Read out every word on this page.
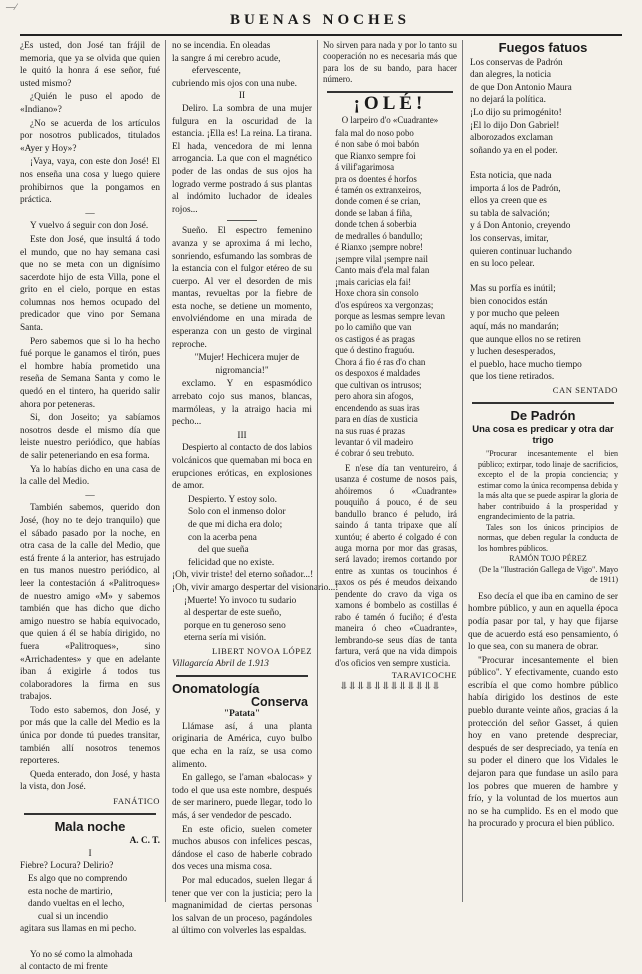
—⁄
BUENAS NOCHES

¿Es usted, don José tan frájil de memoria, que ya se olvida que quien le quitó la honra á ese señor, fué usted mismo?

¿Quién le puso el apodo de «Indiano»?

¿No se acuerda de los artículos por nosotros publicados, titulados «Ayer y Hoy»?

¡Vaya, vaya, con este don José! El nos enseña una cosa y luego quiere prohibirnos que la pongamos en práctica.

—

Y vuelvo á seguir con don José.

Este don José, que insultá á todo el mundo, que no hay semana casi que no se meta con un dignísimo sacerdote hijo de esta Villa, pone el grito en el cielo, porque en estas columnas nos hemos ocupado del predicador que vino por Semana Santa.

Pero sabemos que si lo ha hecho fué porque le ganamos el tirón, pues el hombre había prometido una reseña de Semana Santa y como le quedó en el tintero, ha querido salir ahora por peteneras.

Si, don Joseito; ya sabíamos nosotros desde el mismo día que leiste nuestro periódico, que habías de salir peteneriando en esa forma.

Ya lo habías dicho en una casa de la calle del Medio.

—

También sabemos, querido don José, (hoy no te dejo tranquilo) que el sábado pasado por la noche, en otra casa de la calle del Medio, que está frente á la anterior, has estrujado en tus manos nuestro periódico, al leer la contestación á «Palitroques» de nuestro amigo «M» y sabemos también que has dicho que dicho amigo nuestro se había equivocado, que quien á él se había dirigido, no fuera «Palitroques», sino «Arrichadentes» y que en adelante iban á exigirle á todos tus colaboradores la firma en sus trabajos.

Todo esto sabemos, don José, y por más que la calle del Medio es la única por donde tú puedes transitar, también allí nosotros tenemos reporteres.

Queda enterado, don José, y hasta la vista, don José.

FANÁTICO
Mala noche
A. C. T.
I
Fiebre? Locura? Delirio?
Es algo que no comprendo
esta noche de martirio,
dando vueltas en el lecho,
cual si un incendio
agitara sus llamas en mi pecho.

Yo no sé como la almohada
al contacto de mi frente
no se incendia. En oleadas
la sangre á mi cerebro acude,
efervescente,
cubriendo mis ojos con una nube.
II

Deliro. La sombra de una mujer fulgura en la oscuridad de la estancia. ¡Ella es! La reina. La tirana. El hada, vencedora de mi lenna arrogancia. La que con el magnético poder de las ondas de sus ojos ha logrado verme postrado á sus plantas al indómito luchador de ideales rojos...

Sueño. El espectro femenino avanza y se aproxima á mi lecho, sonriendo, esfumando las sombras de la estancia con el fulgor etéreo de su cuerpo. Al ver el desorden de mis mantas, revueltas por la fiebre de esta noche, se detiene un momento, envolviéndome en una mirada de esperanza con un gesto de virginal reproche.

"Mujer! Hechicera mujer de nigromancia!"

exclamo. Y en espasmódico arrebato cojo sus manos, blancas, marmóleas, y la atraigo hacia mi pecho...

III

Despierto al contacto de dos labios volcánicos que quemaban mi boca en erupciones eróticas, en explosiones de amor.

Despierto. Y estoy solo.
Solo con el inmenso dolor
de que mi dicha era dolo;
con la acerba pena
del que sueña
felicidad que no existe.
¡Oh, vivir triste! del eterno soñador...!
¡Oh, vivir amargo despertar del visionario...!
¡Muerte! Yo invoco tu sudario
al despertar de este sueño,
porque en tu generoso seno
eterna sería mi visión.
LIBERT NOVOA LÓPEZ
Villagarcía Abril de 1.913
Onomatología
Conserva
"Patata"

Llámase así, á una planta originaria de América, cuyo bulbo que echa en la raíz, se usa como alimento.

En gallego, se l'aman «balocas» y todo el que usa este nombre, después de ser marinero, puede llegar, todo lo más, á ser vendedor de pescado.

En este oficio, suelen cometer muchos abusos con infelices pescas, dándose el caso de haberle cobrado dos veces una misma cosa.

Por mal educados, suelen llegar á tener que ver con la justicia; pero la magnanimidad de ciertas personas los salvan de un proceso, pagándoles al último con volverles las espaldas.

No sirven para nada y por lo tanto su cooperación no es necesaria más que para los de su bando, para hacer número.

¡OLÉ!

O larpeiro d'o «Cuadrante»

fala mal do noso pobo
é non sabe ó moi babón
que Rianxo sempre foi
á vilif'agarimosa
pra os doentes é horfos
é tamén os extranxeiros,
donde comen é se crian,
donde se laban á fiña,
donde tchen á soberbia
de medralles ó bandullo;
é Rianxo ¡sempre nobre!
¡sempre vilal ¡sempre nail
Canto mais d'ela mal falan
¡mais caricias ela fai!
Hoxe chora sin consolo
d'os espúreos xa vergonzas;
porque as lesmas sempre levan
po lo camiño que van
os castigos é as pragas
que ó destino fraguóu.
Chora á fio é ras d'o chan
os despoxos é maldades
que cultivan os intrusos;
pero ahora sin afogos,
encendendo as suas iras
para en días de xusticia
na sus ruas é prazas
levantar ó vil madeiro
é cobrar ó seu trebuto.

E n'ese día tan ventureiro, á usanza é costume de nosos pais, ahóiremos ó «Cuadrante» pouquiño á pouco, é de seu bandullo branco é peludo, irá saindo á tanta tripaxe que alí xuntóu; é aberto é colgado é con auga morna por mor das grasas, será lavado; iremos cortando por entre as xuntas os toucinhos é raxos os pés é meudos deixando pendente do cravo da viga os xamons é bombelo as costillas é rabo é tamén ó fuciño; é d'esta maneira ó cheo «Cuadrante», lembrando-se seus días de tanta fartura, verá que na vida dimpois d'os oficios ven sempre xusticia.

TARAVICOCHE
⥥⥥⥥⥥⥥⥥⥥⥥⥥⥥⥥⥥
Fuegos fatuos
Los conservas de Padrón
dan alegres, la noticia
de que Don Antonio Maura
no dejará la política.
¡Lo dijo su primogénito!
¡El lo dijo Don Gabriel!
alborozados exclaman
soñando ya en el poder.

Esta noticia, que nada
importa á los de Padrón,
ellos ya creen que es
su tabla de salvación;
y á Don Antonio, creyendo
los conservas, imitar,
quieren continuar luchando
en su loco pelear.

Mas su porfía es inútil;
bien conocidos están
y por mucho que peleen
aquí, más no mandarán;
que aunque ellos no se retiren
y luchen desesperados,
el pueblo, hace mucho tiempo
que los tiene retirados.
CAN SENTADO
De Padrón
Una cosa es predicar y otra dar trigo

"Procurar incesantemente el bien público; extirpar, todo linaje de sacrificios, excepto el de la propia conciencia; y estimar como la única recompensa debida y la más alta que se puede aspirar la gloria de haber contribuido á la prosperidad y engrandecimiento de la patria.

Tales son los únicos principios de normas, que deben regular la conducta de los hombres públicos.

RAMÓN TOJO PÉREZ
(De la "Ilustración Gallega de Vigo". Mayo de 1911)

Eso decía el que iba en camino de ser hombre público, y aun en aquella época podía pasar por tal, y hay que fijarse que de acuerdo está eso pensamiento, ó lo que sea, con su manera de obrar.

"Procurar incesantemente el bien público". Y efectivamente, cuando esto escribía el que como hombre público había dirigido los destinos de este pueblo durante veinte años, gracias á la protección del señor Gasset, á quien hoy en vano pretende despreciar, después de ser despreciado, ya tenía en su poder el dinero que los Vidales le dejaron para que fundase un asilo para los pobres que mueren de hambre y frío, y la voluntad de los muertos aun no se ha cumplido. Es en el modo que ha procurado y procura el bien público.
